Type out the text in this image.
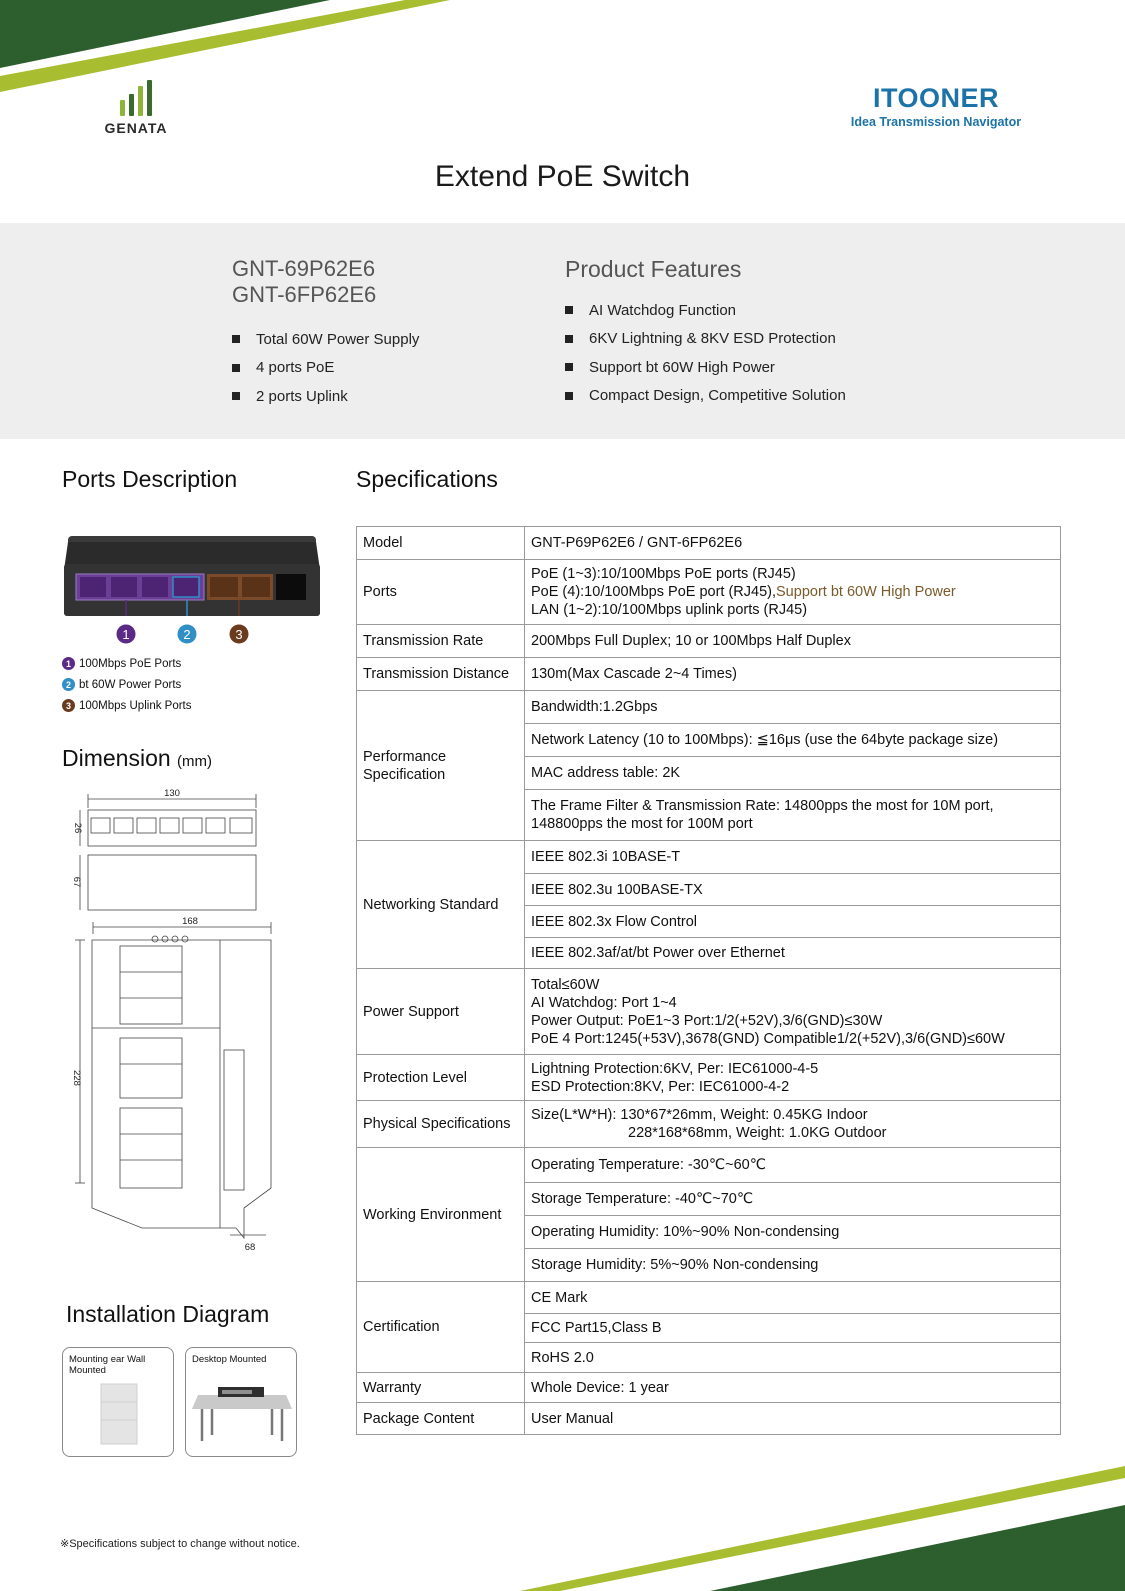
GENATA
ITOONER
Idea Transmission Navigator
Extend PoE Switch
GNT-69P62E6
GNT-6FP62E6
Total 60W Power Supply
4 ports PoE
2 ports Uplink
Product Features
AI Watchdog Function
6KV Lightning & 8KV ESD Protection
Support bt 60W High Power
Compact Design, Competitive Solution
Ports Description
1	2	3
1 100Mbps PoE Ports
2 bt 60W Power Ports
3 100Mbps Uplink Ports
Dimension (mm)
130
26
67
168
228
68
Installation Diagram
Mounting ear Wall Mounted
Desktop Mounted
Specifications
Model	GNT-P69P62E6 / GNT-6FP62E6
Ports	PoE (1~3):10/100Mbps PoE ports (RJ45)
PoE (4):10/100Mbps PoE port (RJ45),Support bt 60W High Power
LAN (1~2):10/100Mbps uplink ports (RJ45)

Transmission Rate	200Mbps Full Duplex; 10 or 100Mbps Half Duplex
Transmission Distance	130m(Max Cascade 2~4 Times)
Performance Specification	Bandwidth:1.2Gbps
	Network Latency (10 to 100Mbps): ≦16μs (use the 64byte package size)
	MAC address table: 2K
	The Frame Filter & Transmission Rate: 14800pps the most for 10M port, 148800pps the most for 100M port
Networking Standard	IEEE 802.3i 10BASE-T
	IEEE 802.3u 100BASE-TX
	IEEE 802.3x Flow Control
	IEEE 802.3af/at/bt Power over Ethernet
Power Support	Total≤60W
AI Watchdog: Port 1~4
Power Output: PoE1~3 Port:1/2(+52V),3/6(GND)≤30W
PoE 4 Port:1245(+53V),3678(GND) Compatible1/2(+52V),3/6(GND)≤60W

Protection Level	Lightning Protection:6KV, Per: IEC61000-4-5
ESD Protection:8KV, Per: IEC61000-4-2

Physical Specifications	Size(L*W*H): 130*67*26mm, Weight: 0.45KG Indoor
228*168*68mm, Weight: 1.0KG Outdoor

Working Environment	Operating Temperature: -30℃~60℃
	Storage Temperature: -40℃~70℃
	Operating Humidity: 10%~90% Non-condensing
	Storage Humidity: 5%~90% Non-condensing
Certification	CE Mark
	FCC Part15,Class B
	RoHS 2.0
Warranty	Whole Device: 1 year
Package Content	User Manual
※Specifications subject to change without notice.
